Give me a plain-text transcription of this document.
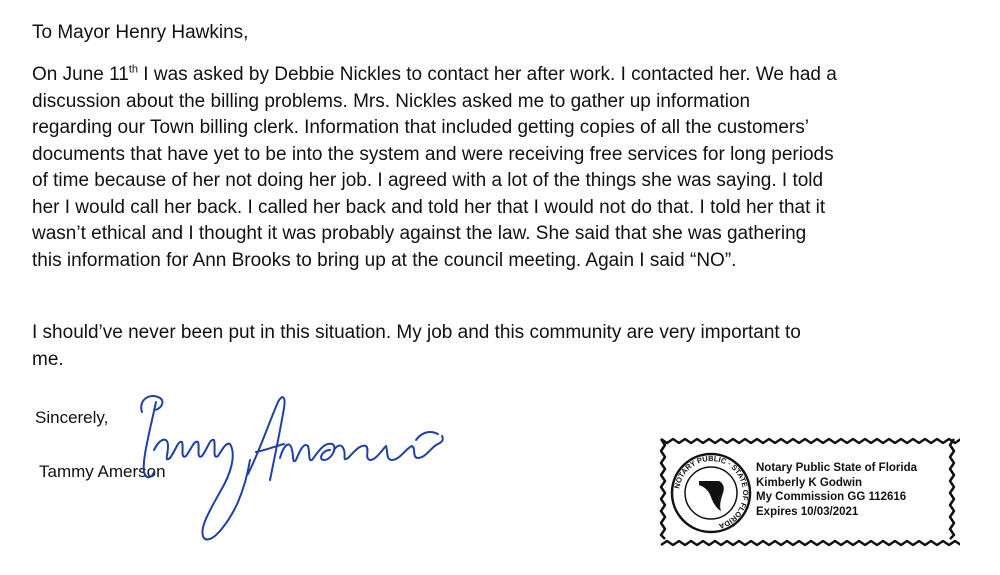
To Mayor Henry Hawkins,
On June 11th I was asked by Debbie Nickles to contact her after work. I contacted her. We had a
discussion about the billing problems. Mrs. Nickles asked me to gather up information
regarding our Town billing clerk. Information that included getting copies of all the customers’
documents that have yet to be into the system and were receiving free services for long periods
of time because of her not doing her job. I agreed with a lot of the things she was saying. I told
her I would call her back. I called her back and told her that I would not do that. I told her that it
wasn’t ethical and I thought it was probably against the law. She said that she was gathering
this information for Ann Brooks to bring up at the council meeting. Again I said “NO”.
I should’ve never been put in this situation. My job and this community are very important to
me.
Sincerely,
Tammy Amerson
NOTARY PUBLIC · STATE OF FLORIDA
Notary Public State of Florida
Kimberly K Godwin
My Commission GG 112616
Expires 10/03/2021
